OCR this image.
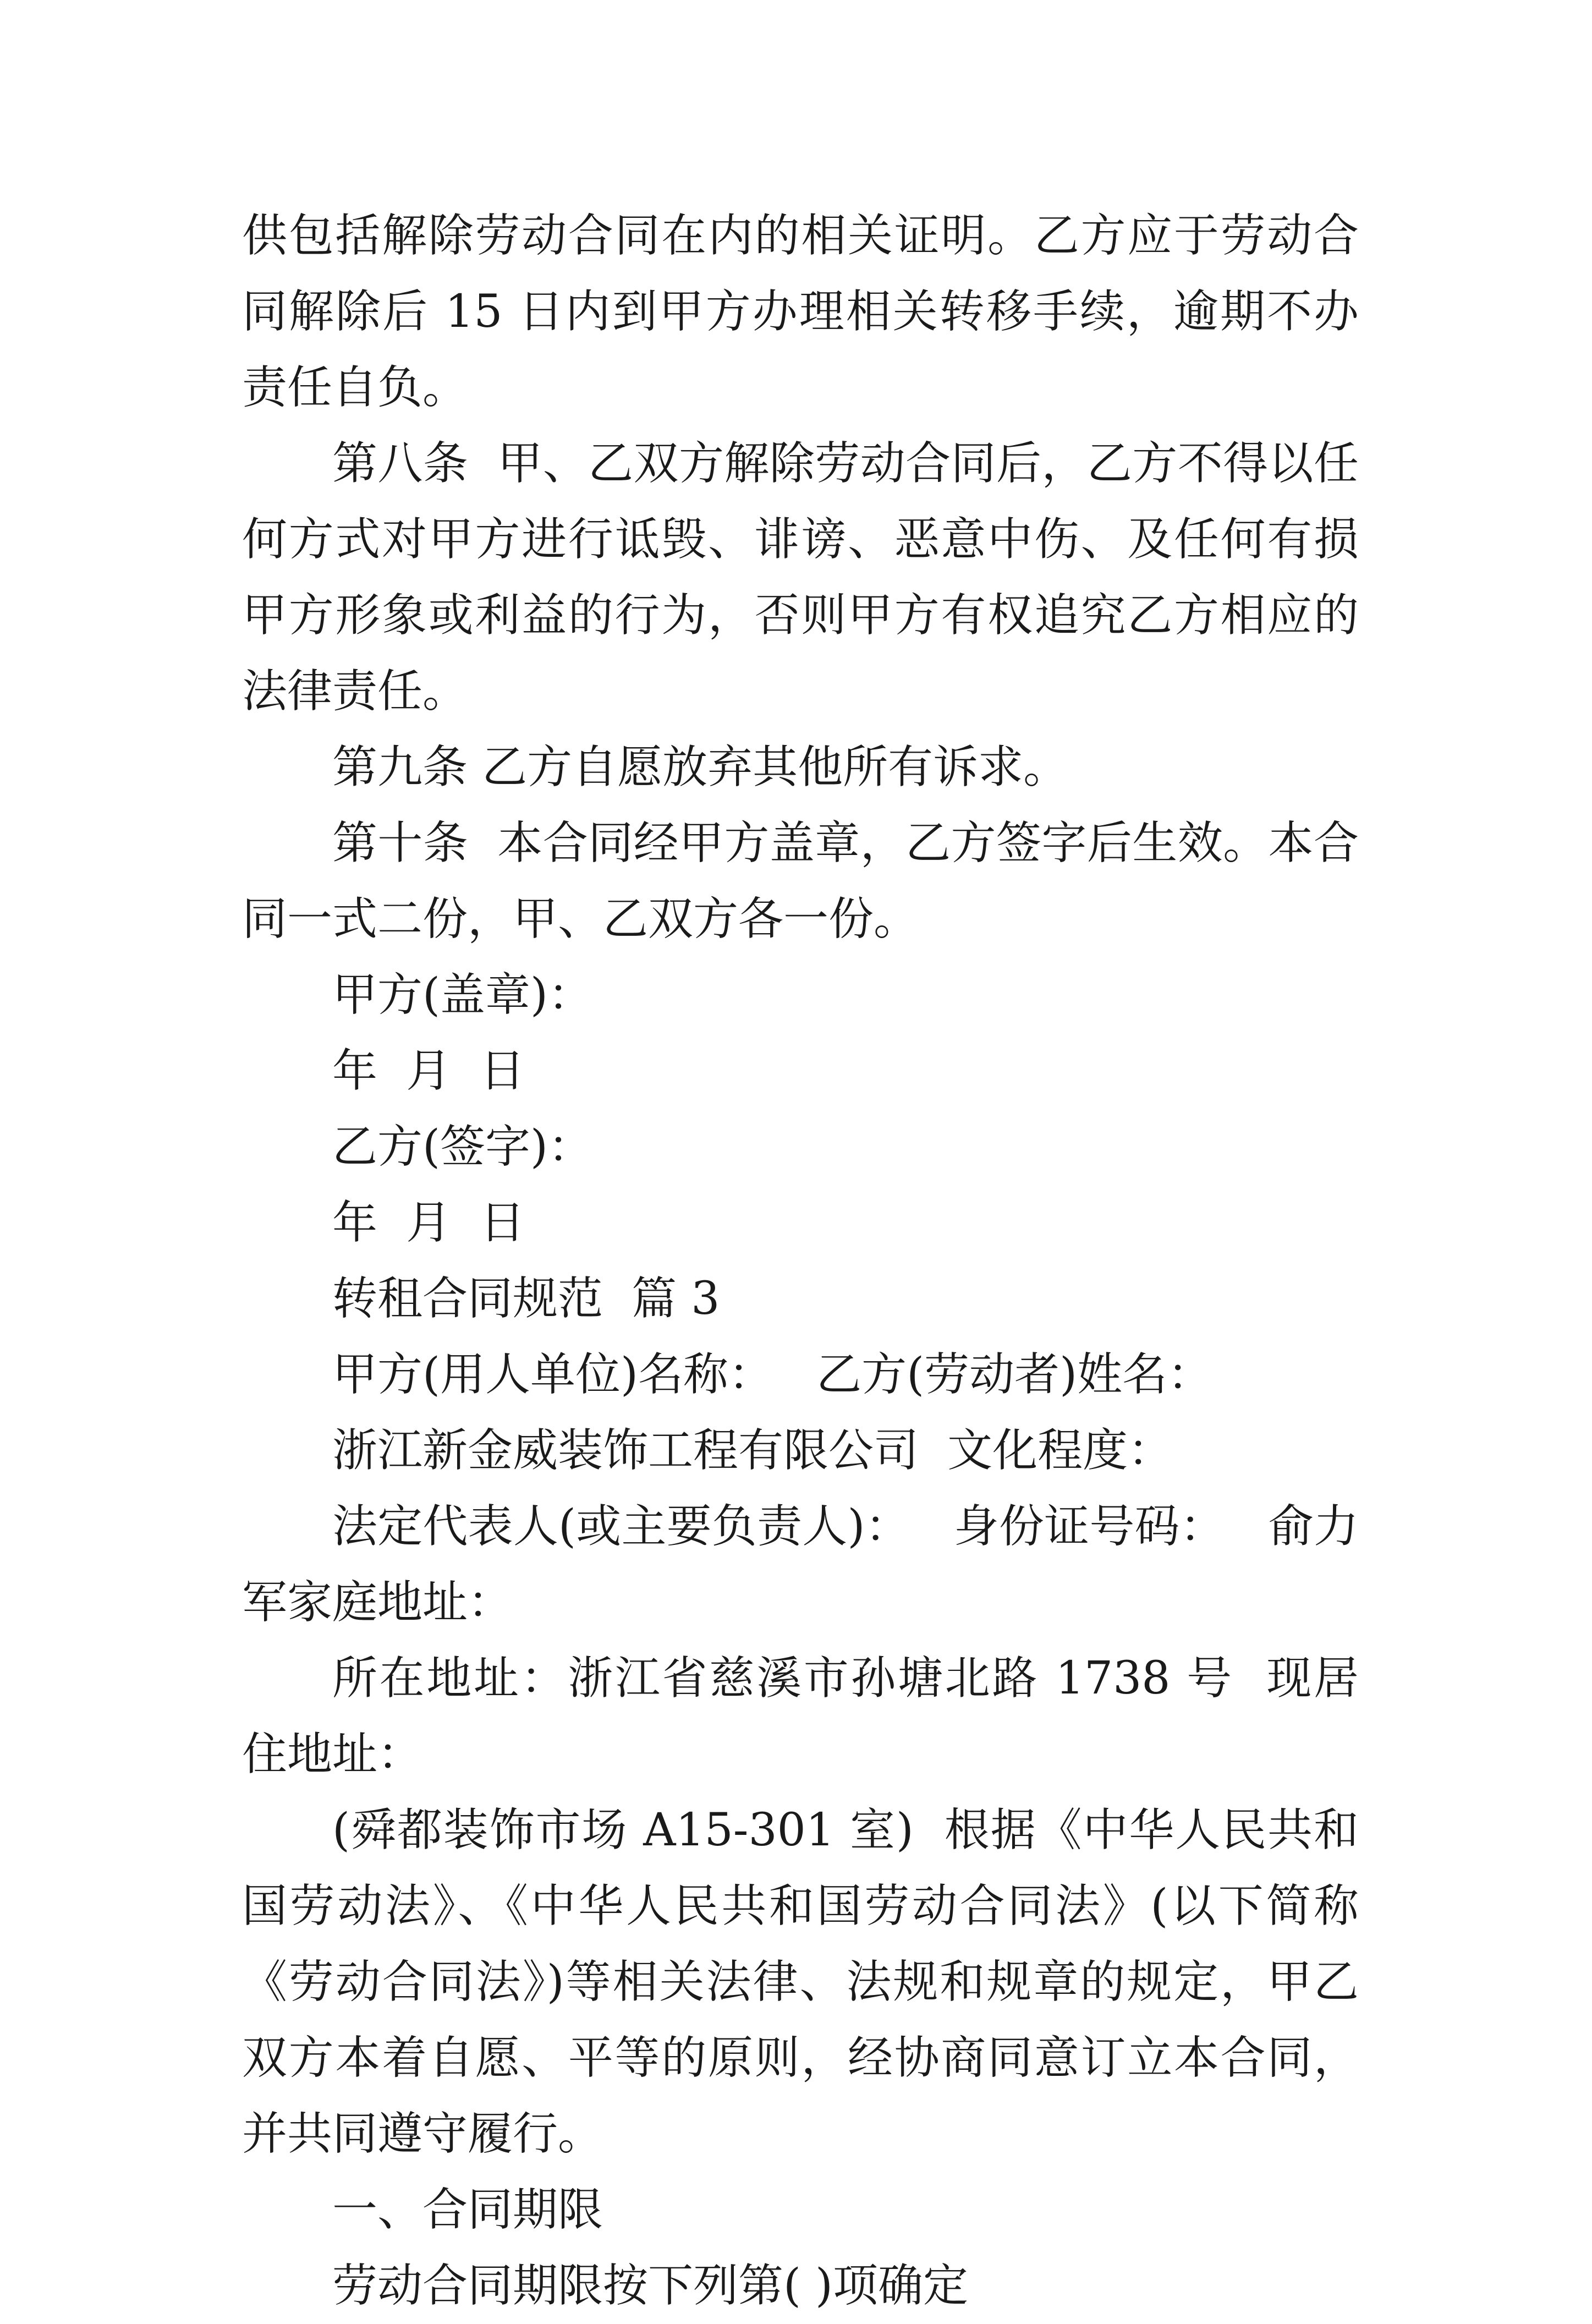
供包括解除劳动合同在内的相关证明。乙方应于劳动合同解除后 15 日内到甲方办理相关转移手续，逾期不办责任自负。

第八条  甲、乙双方解除劳动合同后，乙方不得以任何方式对甲方进行诋毁、诽谤、恶意中伤、及任何有损甲方形象或利益的行为，否则甲方有权追究乙方相应的法律责任。

第九条 乙方自愿放弃其他所有诉求。

第十条  本合同经甲方盖章，乙方签字后生效。本合同一式二份，甲、乙双方各一份。

甲方(盖章)：

年  月  日

乙方(签字)：

年  月  日

转租合同规范  篇 3

甲方(用人单位)名称：   乙方(劳动者)姓名：

浙江新金威装饰工程有限公司  文化程度：

法定代表人(或主要负责人)：   身份证号码：   俞力军家庭地址：

所在地址：浙江省慈溪市孙塘北路 1738 号  现居住地址：

(舜都装饰市场 A15-301 室)  根据《中华人民共和国劳动法》、《中华人民共和国劳动合同法》(以下简称《劳动合同法》)等相关法律、法规和规章的规定，甲乙双方本着自愿、平等的原则，经协商同意订立本合同，并共同遵守履行。

一、合同期限

劳动合同期限按下列第( )项确定
